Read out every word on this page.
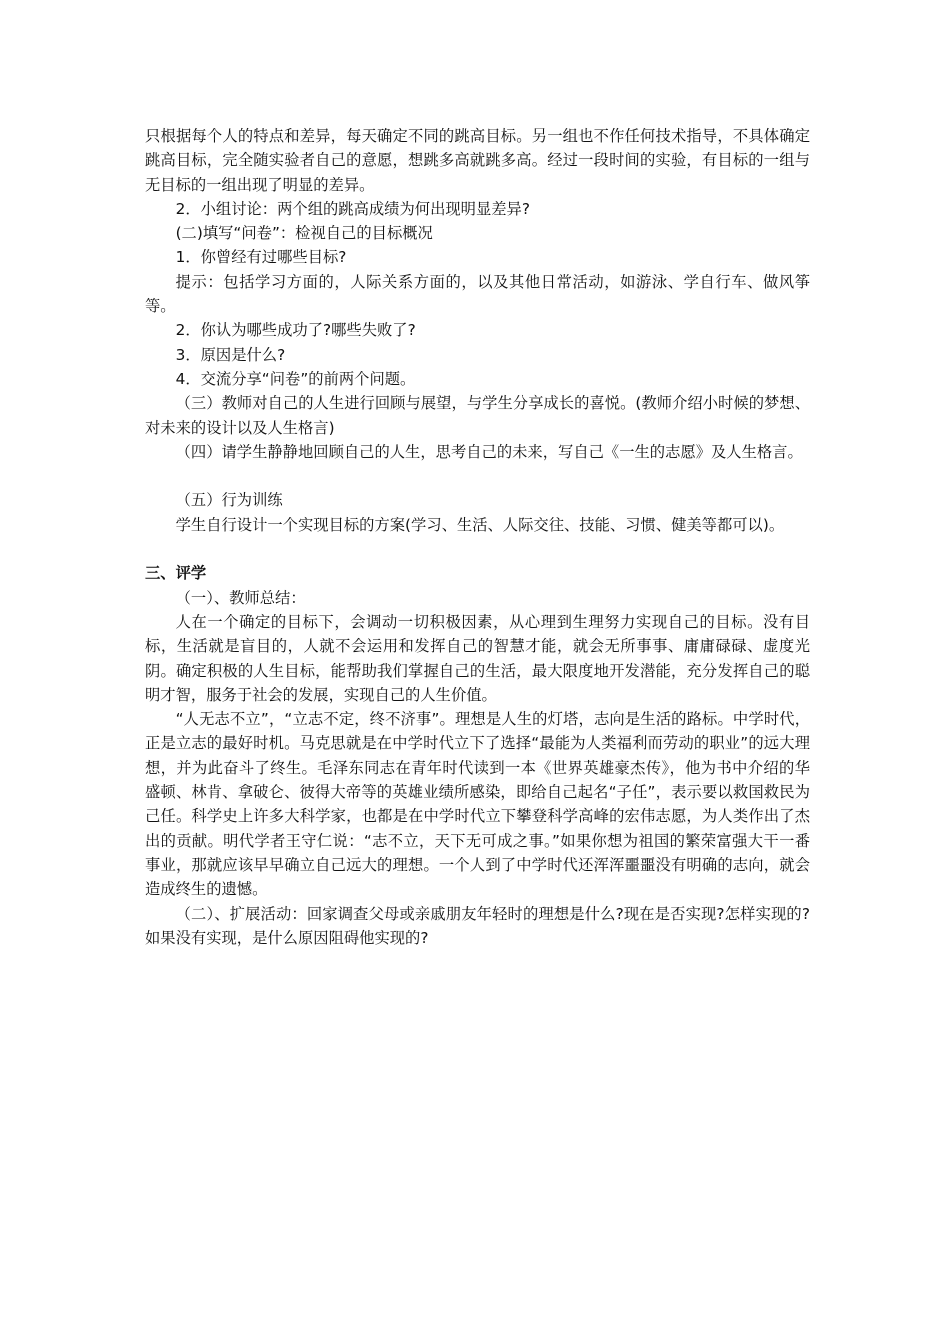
只根据每个人的特点和差异，每天确定不同的跳高目标。另一组也不作任何技术指导，不具体确定跳高目标，完全随实验者自己的意愿，想跳多高就跳多高。经过一段时间的实验，有目标的一组与无目标的一组出现了明显的差异。

2．小组讨论：两个组的跳高成绩为何出现明显差异?

(二)填写“问卷”：检视自己的目标概况

1．你曾经有过哪些目标?

提示：包括学习方面的，人际关系方面的，以及其他日常活动，如游泳、学自行车、做风筝等。

2．你认为哪些成功了?哪些失败了?

3．原因是什么?

4．交流分享“问卷”的前两个问题。

（三）教师对自己的人生进行回顾与展望，与学生分享成长的喜悦。(教师介绍小时候的梦想、对未来的设计以及人生格言)

（四）请学生静静地回顾自己的人生，思考自己的未来，写自己《一生的志愿》及人生格言。

（五）行为训练

学生自行设计一个实现目标的方案(学习、生活、人际交往、技能、习惯、健美等都可以)。

三、评学

（一）、教师总结：

人在一个确定的目标下，会调动一切积极因素，从心理到生理努力实现自己的目标。没有目标，生活就是盲目的，人就不会运用和发挥自己的智慧才能，就会无所事事、庸庸碌碌、虚度光阴。确定积极的人生目标，能帮助我们掌握自己的生活，最大限度地开发潜能，充分发挥自己的聪明才智，服务于社会的发展，实现自己的人生价值。

“人无志不立”，“立志不定，终不济事”。理想是人生的灯塔，志向是生活的路标。中学时代，正是立志的最好时机。马克思就是在中学时代立下了选择“最能为人类福利而劳动的职业”的远大理想，并为此奋斗了终生。毛泽东同志在青年时代读到一本《世界英雄豪杰传》，他为书中介绍的华盛顿、林肯、拿破仑、彼得大帝等的英雄业绩所感染，即给自己起名“子任”，表示要以救国救民为己任。科学史上许多大科学家，也都是在中学时代立下攀登科学高峰的宏伟志愿，为人类作出了杰出的贡献。明代学者王守仁说：“志不立，天下无可成之事。”如果你想为祖国的繁荣富强大干一番事业，那就应该早早确立自己远大的理想。一个人到了中学时代还浑浑噩噩没有明确的志向，就会造成终生的遗憾。

（二）、扩展活动：回家调查父母或亲戚朋友年轻时的理想是什么?现在是否实现?怎样实现的?如果没有实现，是什么原因阻碍他实现的?
